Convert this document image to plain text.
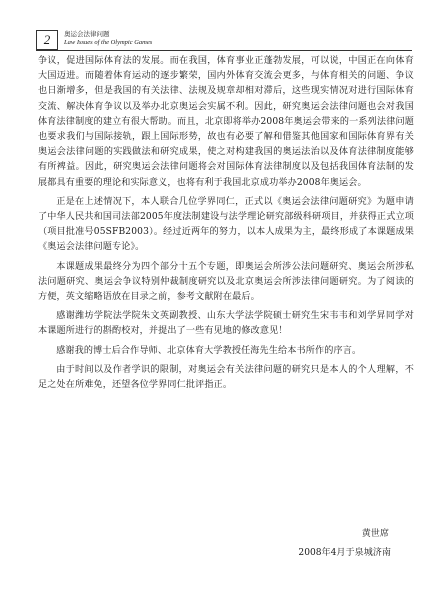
2	奥运会法律问题
Law Issues of the Olympic Games

争议，促进国际体育法的发展。而在我国，体育事业正蓬勃发展，可以说，中国正在向体育大国迈进。而随着体育运动的逐步繁荣，国内外体育交流会更多，与体育相关的问题、争议也日渐增多，但是我国的有关法律、法规及规章却相对滞后，这些现实情况对进行国际体育交流、解决体育争议以及举办北京奥运会实属不利。因此，研究奥运会法律问题也会对我国体育法律制度的建立有很大帮助。而且，北京即将举办2008年奥运会带来的一系列法律问题也要求我们与国际接轨，跟上国际形势，故也有必要了解和借鉴其他国家和国际体育界有关奥运会法律问题的实践做法和研究成果，使之对构建我国的奥运法治以及体育法律制度能够有所裨益。因此，研究奥运会法律问题将会对国际体育法律制度以及包括我国体育法制的发展都具有重要的理论和实际意义，也将有利于我国北京成功举办2008年奥运会。

正是在上述情况下，本人联合几位学界同仁，正式以《奥运会法律问题研究》为题申请了中华人民共和国司法部2005年度法制建设与法学理论研究部级科研项目，并获得正式立项（项目批准号05SFB2003）。经过近两年的努力，以本人成果为主，最终形成了本课题成果《奥运会法律问题专论》。

本课题成果最终分为四个部分十五个专题，即奥运会所涉公法问题研究、奥运会所涉私法问题研究、奥运会争议特别仲裁制度研究以及北京奥运会所涉法律问题研究。为了阅读的方便，英文缩略语放在目录之前，参考文献附在最后。

感谢潍坊学院法学院朱文英副教授、山东大学法学院硕士研究生宋韦韦和刘学昇同学对本课题所进行的斟酌校对，并提出了一些有见地的修改意见！

感谢我的博士后合作导师、北京体育大学教授任海先生给本书所作的序言。

由于时间以及作者学识的限制，对奥运会有关法律问题的研究只是本人的个人理解，不足之处在所难免，还望各位学界同仁批评指正。

黄世席
2008年4月于泉城济南
